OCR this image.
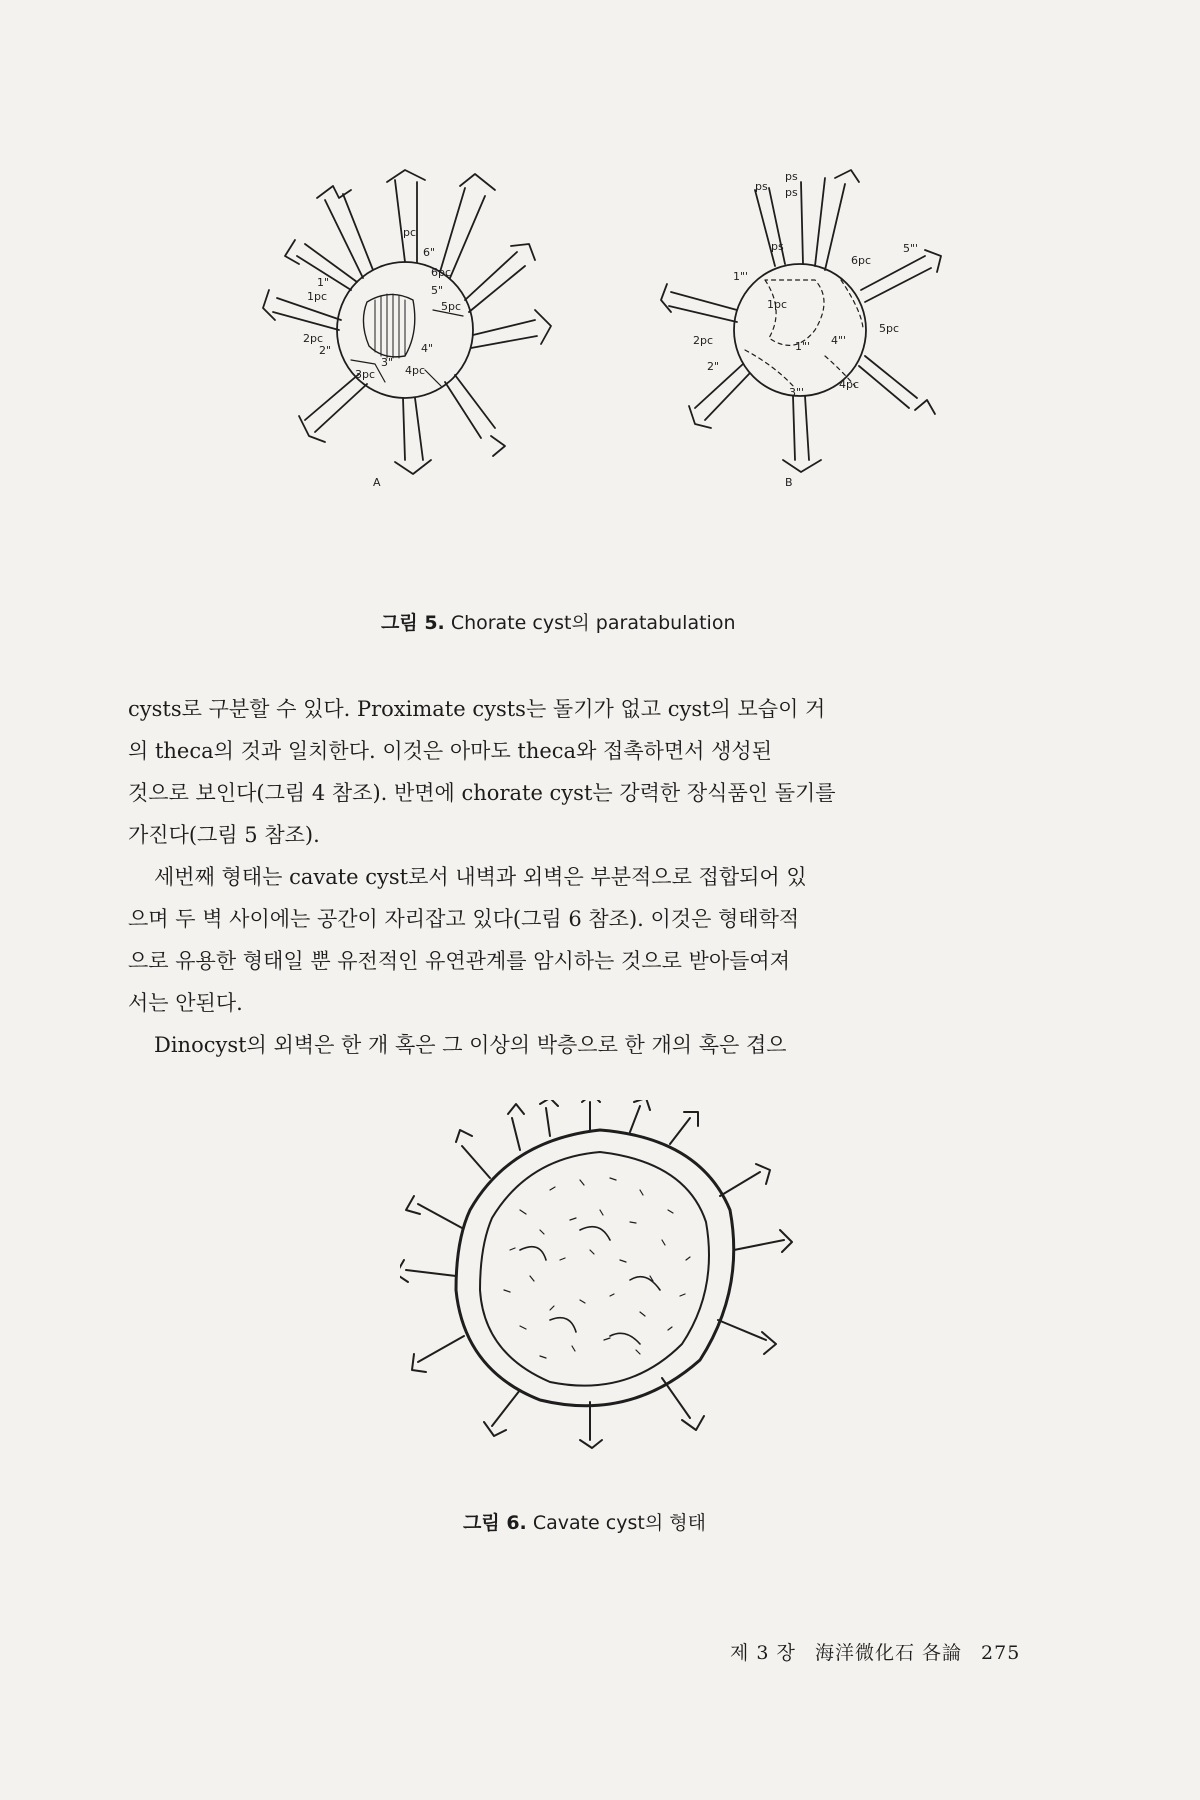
pc
6"
6pc
5"
5pc
1"
1pc
2pc
2"
3"
3pc
4"
4pc
ps
ps ps
ps
6pc
5"'
1"'
1pc
2pc
2"
1"' 4"'
5pc
3"'
4pc
A	B
그림 5. Chorate cyst의 paratabulation

cysts로 구분할 수 있다. Proximate cysts는 돌기가 없고 cyst의 모습이 거

의 theca의 것과 일치한다. 이것은 아마도 theca와 접촉하면서 생성된

것으로 보인다(그림 4 참조). 반면에 chorate cyst는 강력한 장식품인 돌기를

가진다(그림 5 참조).

세번째 형태는 cavate cyst로서 내벽과 외벽은 부분적으로 접합되어 있

으며 두 벽 사이에는 공간이 자리잡고 있다(그림 6 참조). 이것은 형태학적

으로 유용한 형태일 뿐 유전적인 유연관계를 암시하는 것으로 받아들여져

서는 안된다.

Dinocyst의 외벽은 한 개 혹은 그 이상의 박층으로 한 개의 혹은 겹으

그림 6. Cavate cyst의 형태
제 3 장 海洋微化石 各論 275
